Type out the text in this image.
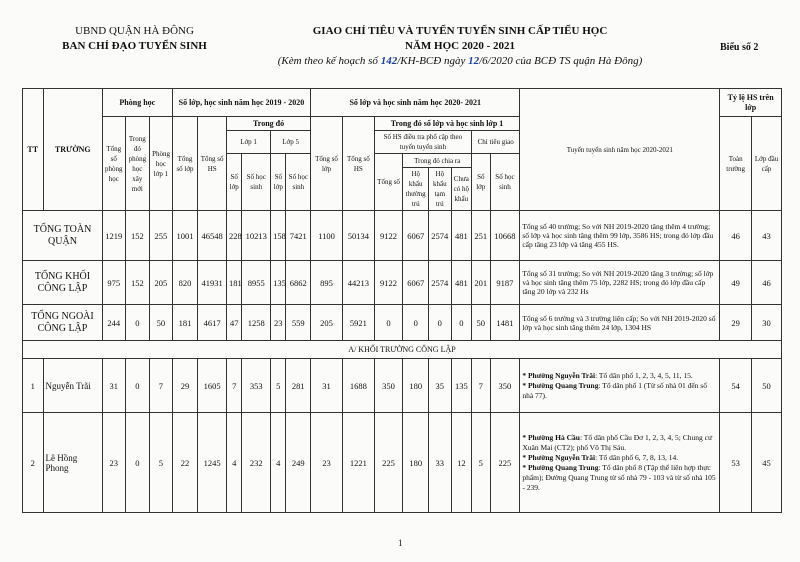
UBND QUẬN HÀ ĐÔNG
BAN CHỈ ĐẠO TUYỂN SINH
GIAO CHỈ TIÊU VÀ TUYỂN TUYỂN SINH CẤP TIỂU HỌC
NĂM HỌC 2020 - 2021
(Kèm theo kế hoạch số 142/KH-BCĐ ngày 12/6/2020 của BCĐ TS quận Hà Đông)
Biểu số 2
TT	TRƯỜNG	Phòng học			Số lớp, học sinh năm học 2019 - 2020						Số lớp và học sinh năm học 2020- 2021								Tuyến tuyển sinh năm học 2020-2021	Tỷ lệ HS trên lớp	
		Tổng số phòng học	Trong đó phòng học xây mới	Phòng học lớp 1	Tổng số lớp	Tổng số HS	Trong đó				Tổng số lớp	Tổng số HS	Trong đó số lớp và học sinh lớp 1							Toàn trường	Lớp đầu cấp
							Lớp 1		Lớp 5				Số HS điều tra phổ cập theo tuyến tuyển sinh				Chỉ tiêu giao				
							Số lớp	Số học sinh	Số lớp	Số học sinh			Tổng số	Trong đó chia ra			Số lớp	Số học sinh			
														Hộ khẩu thường trú	Hộ khẩu tạm trú	Chưa có hộ khẩu					
TỔNG TOÀN QUẬN		1219	152	255	1001	46548	228	10213	158	7421	1100	50134	9122	6067	2574	481	251	10668	Tổng số 40 trường; So với NH 2019-2020 tăng thêm 4 trường; số lớp và học sinh tăng thêm 99 lớp, 3586 HS; trong đó lớp đầu cấp tăng 23 lớp và tăng 455 HS.	46	43
TỔNG KHỐI CÔNG LẬP		975	152	205	820	41931	181	8955	135	6862	895	44213	9122	6067	2574	481	201	9187	Tổng số 31 trường; So với NH 2019-2020 tăng 3 trường; số lớp và học sinh tăng thêm 75 lớp, 2282 HS; trong đó lớp đầu cấp tăng 20 lớp và 232 Hs	49	46
TỔNG NGOÀI CÔNG LẬP		244	0	50	181	4617	47	1258	23	559	205	5921	0	0	0	0	50	1481	Tổng số 6 trường và 3 trường liên cấp; So với NH 2019-2020 số lớp và học sinh tăng thêm 24 lớp, 1304 HS	29	30
A/ KHỐI TRƯỜNG CÔNG LẬP																					
1	Nguyễn Trãi	31	0	7	29	1605	7	353	5	281	31	1688	350	180	35	135	7	350	* Phường Nguyễn Trãi: Tổ dân phố 1, 2, 3, 4, 5, 11, 15.
* Phường Quang Trung: Tổ dân phố 1 (Từ số nhà 01 đến số nhà 77).	54	50
2	Lê Hồng Phong	23	0	5	22	1245	4	232	4	249	23	1221	225	180	33	12	5	225	* Phường Hà Cầu: Tổ dân phố Cầu Đơ 1, 2, 3, 4, 5; Chung cư Xuân Mai (CT2); phố Võ Thị Sáu.
* Phường Nguyễn Trãi: Tổ dân phố 6, 7, 8, 13, 14.
* Phường Quang Trung: Tổ dân phố 8 (Tập thể liên hợp thực phẩm); Đường Quang Trung từ số nhà 79 - 103 và từ số nhà 105 - 239.	53	45
1
